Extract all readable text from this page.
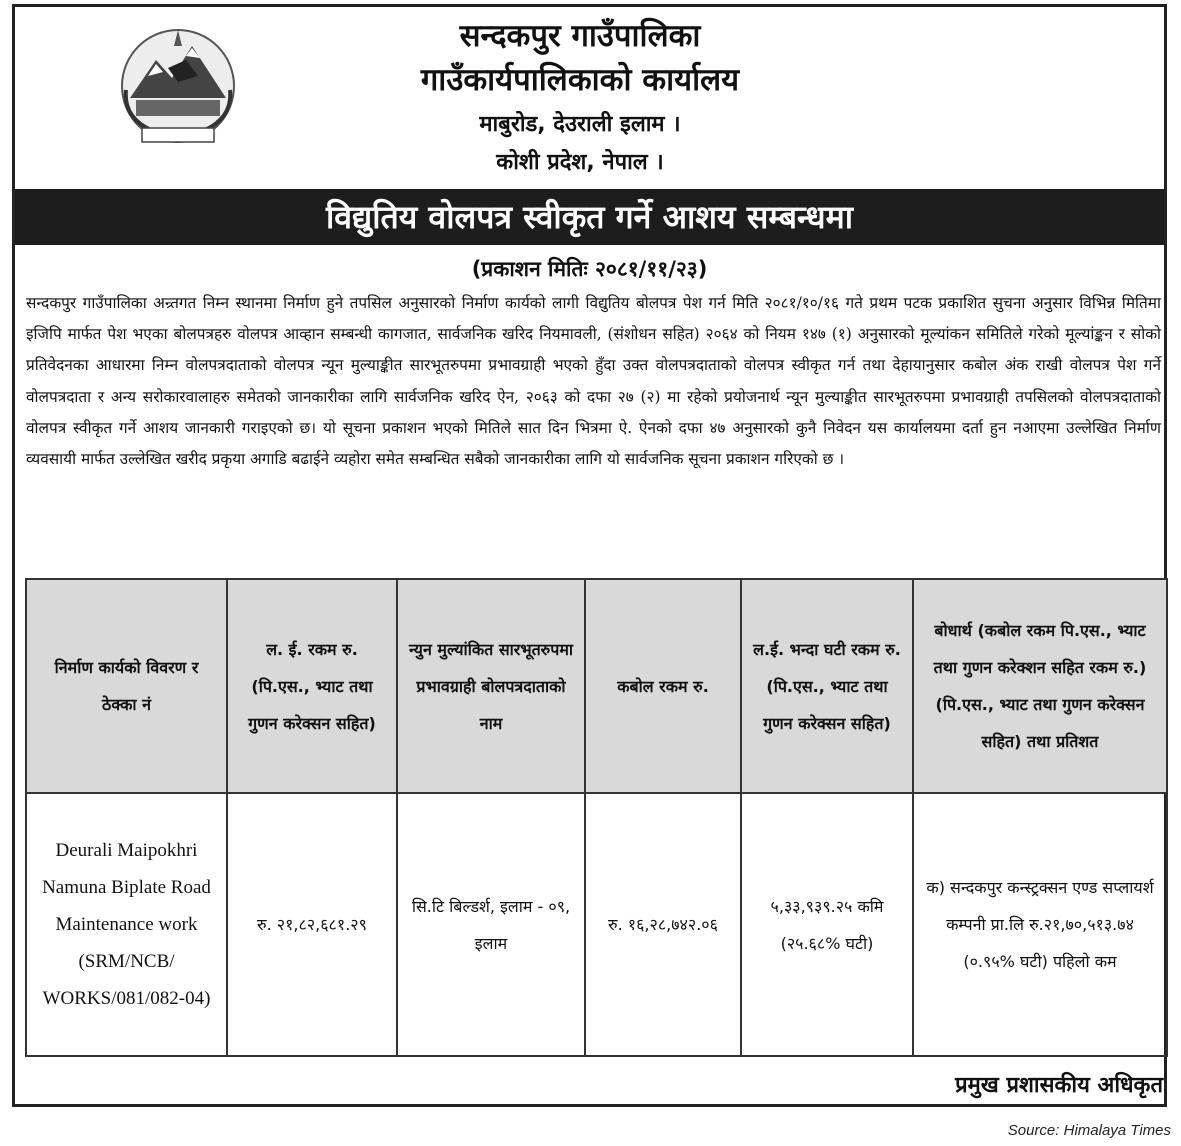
सन्दकपुर गाउँपालिका
गाउँकार्यपालिकाको कार्यालय
माबुरोड, देउराली इलाम ।
कोशी प्रदेश, नेपाल ।
विद्युतिय वोलपत्र स्वीकृत गर्ने आशय सम्बन्धमा
(प्रकाशन मितिः २०८१/११/२३)
सन्दकपुर गाउँपालिका अन्र्तगत निम्न स्थानमा निर्माण हुने तपसिल अनुसारको निर्माण कार्यको लागी विद्युतिय बोलपत्र पेश गर्न मिति २०८१/१०/१६ गते प्रथम पटक प्रकाशित सुचना अनुसार विभिन्न मितिमा इजिपि मार्फत पेश भएका बोलपत्रहरु वोलपत्र आव्हान सम्बन्धी कागजात, सार्वजनिक खरिद नियमावली, (संशोधन सहित) २०६४ को नियम १४७ (१) अनुसारको मूल्यांकन समितिले गरेको मूल्यांङ्कन र सोको प्रतिवेदनका आधारमा निम्न वोलपत्रदाताको वोलपत्र न्यून मुल्याङ्कीत सारभूतरुपमा प्रभावग्राही भएको हुँदा उक्त वोलपत्रदाताको वोलपत्र स्वीकृत गर्न तथा देहायानुसार कबोल अंक राखी वोलपत्र पेश गर्ने वोलपत्रदाता र अन्य सरोकारवालाहरु समेतको जानकारीका लागि सार्वजनिक खरिद ऐन, २०६३ को दफा २७ (२) मा रहेको प्रयोजनार्थ न्यून मुल्याङ्कीत सारभूतरुपमा प्रभावग्राही तपसिलको वोलपत्रदाताको वोलपत्र स्वीकृत गर्ने आशय जानकारी गराइएको छ। यो सूचना प्रकाशन भएको मितिले सात दिन भित्रमा ऐ. ऐनको दफा ४७ अनुसारको कुनै निवेदन यस कार्यालयमा दर्ता हुन नआएमा उल्लेखित निर्माण व्यवसायी मार्फत उल्लेखित खरीद प्रकृया अगाडि बढाईने व्यहोरा समेत सम्बन्धित सबैको जानकारीका लागि यो सार्वजनिक सूचना प्रकाशन गरिएको छ ।
निर्माण कार्यको विवरण र ठेक्का नं	ल. ई. रकम रु. (पि.एस., भ्याट तथा गुणन करेक्सन सहित)	न्युन मुल्यांकित सारभूतरुपमा प्रभावग्राही बोलपत्रदाताको नाम	कबोल रकम रु.	ल.ई. भन्दा घटी रकम रु.(पि.एस., भ्याट तथा गुणन करेक्सन सहित)	बोधार्थ (कबोल रकम पि.एस., भ्याट तथा गुणन करेक्शन सहित रकम रु.)(पि.एस., भ्याट तथा गुणन करेक्सन सहित) तथा प्रतिशत
Deurali Maipokhri Namuna Biplate Road Maintenance work (SRM/NCB/ WORKS/081/082-04)	रु. २१,८२,६८१.२९	सि.टि बिल्डर्श, इलाम - ०९, इलाम	रु. १६,२८,७४२.०६	५,३३,९३९.२५ कमि (२५.६८% घटी)	क) सन्दकपुर कन्स्ट्रक्सन एण्ड सप्लायर्श कम्पनी प्रा.लि रु.२१,७०,५१३.७४ (०.९५% घटी) पहिलो कम
प्रमुख प्रशासकीय अधिकृत
Source: Himalaya Times
